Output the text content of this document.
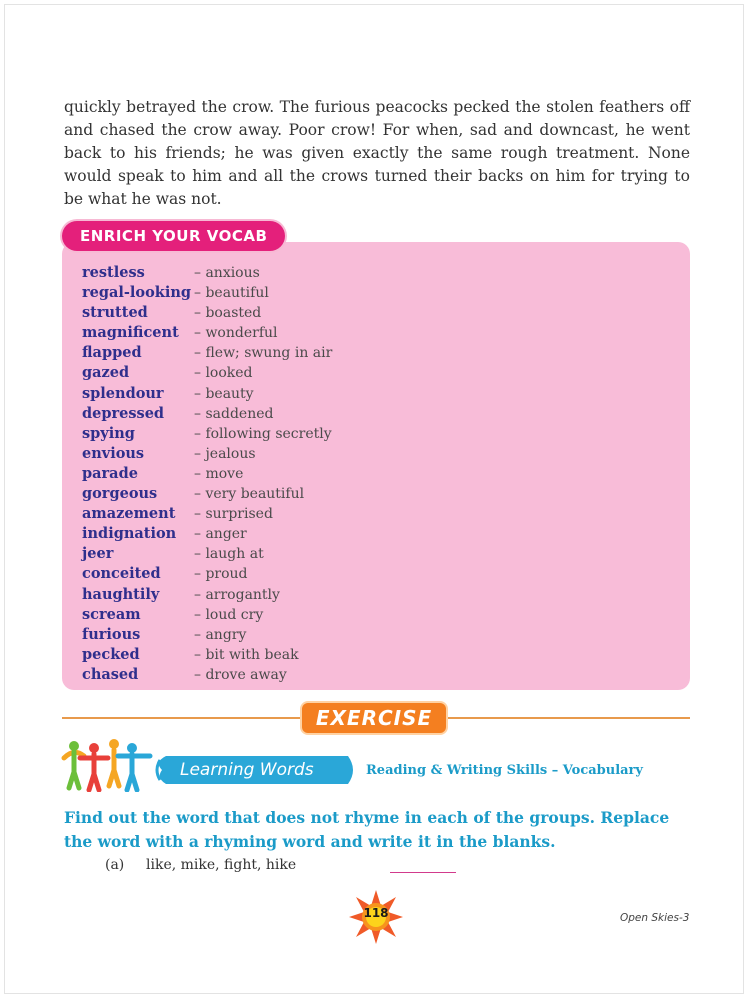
quickly betrayed the crow. The furious peacocks pecked the stolen feathers off and chased the crow away. Poor crow! For when, sad and downcast, he went back to his friends; he was given exactly the same rough treatment. None would speak to him and all the crows turned their backs on him for trying to be what he was not.

ENRICH YOUR VOCAB
restless	– anxious
regal-looking – beautiful
strutted	– boasted
magnificent – wonderful
flapped	– flew; swung in air
gazed	– looked
splendour – beauty
depressed – saddened
spying	– following secretly
envious	– jealous
parade	– move
gorgeous	– very beautiful
amazement – surprised
indignation – anger
jeer	– laugh at
conceited – proud
haughtily – arrogantly
scream	– loud cry
furious	– angry
pecked	– bit with beak
chased	– drove away
EXERCISE
Learning Words	Reading & Writing Skills – Vocabulary

Find out the word that does not rhyme in each of the groups. Replace the word with a rhyming word and write it in the blanks.

(a) like, mike, fight, hike
118	Open Skies-3
